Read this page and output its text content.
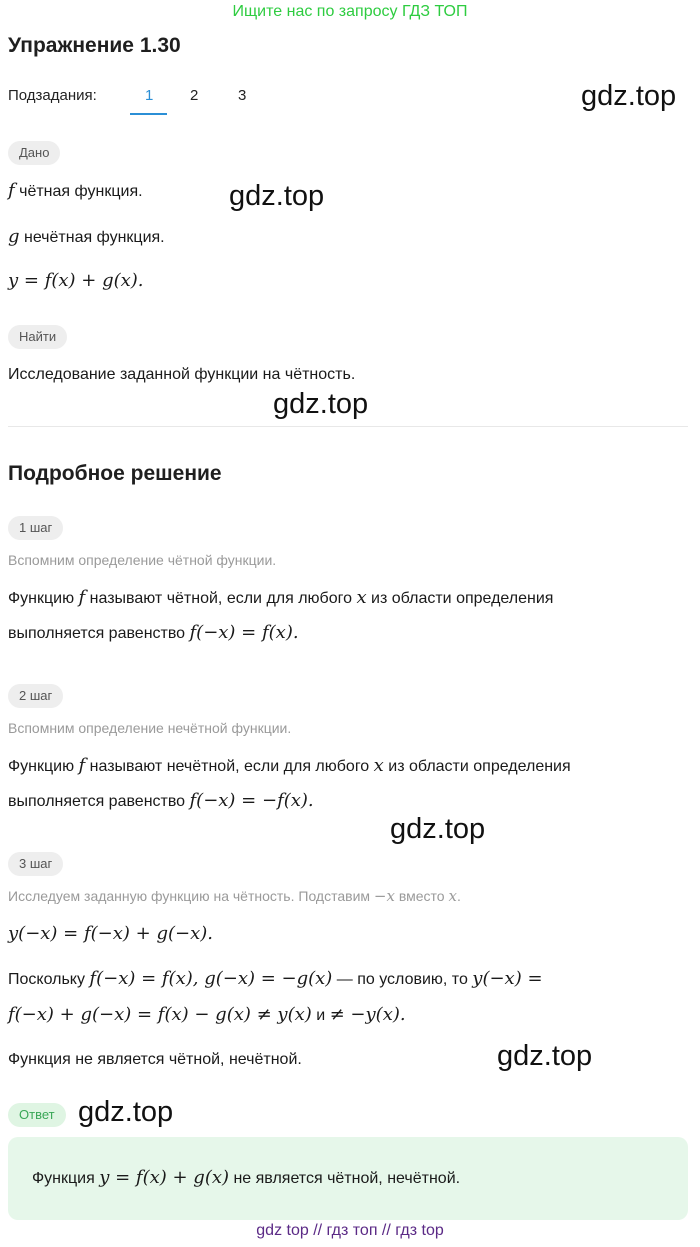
Ищите нас по запросу ГДЗ ТОП
Упражнение 1.30
Подзадания:	1 2	3	gdz.top
gdz.top
gdz.top
gdz.top
gdz.top
gdz.top
Дано
f чётная функция.
g нечётная функция.
y = f(x) + g(x).
Найти
Исследование заданной функции на чётность.
Подробное решение
1 шаг
Вспомним определение чётной функции.
Функцию f называют чётной, если для любого x из области определения
выполняется равенство f(−x) = f(x).
2 шаг
Вспомним определение нечётной функции.
Функцию f называют нечётной, если для любого x из области определения
выполняется равенство f(−x) = −f(x).
3 шаг
Исследуем заданную функцию на чётность. Подставим −x вместо x.
y(−x) = f(−x) + g(−x).
Поскольку f(−x) = f(x), g(−x) = −g(x) — по условию, то y(−x) =
f(−x) + g(−x) = f(x) − g(x) ≠ y(x) и ≠ −y(x).
Функция не является чётной, нечётной.
Ответ
Функция y = f(x) + g(x) не является чётной, нечётной.
gdz top // гдз топ // гдз top
